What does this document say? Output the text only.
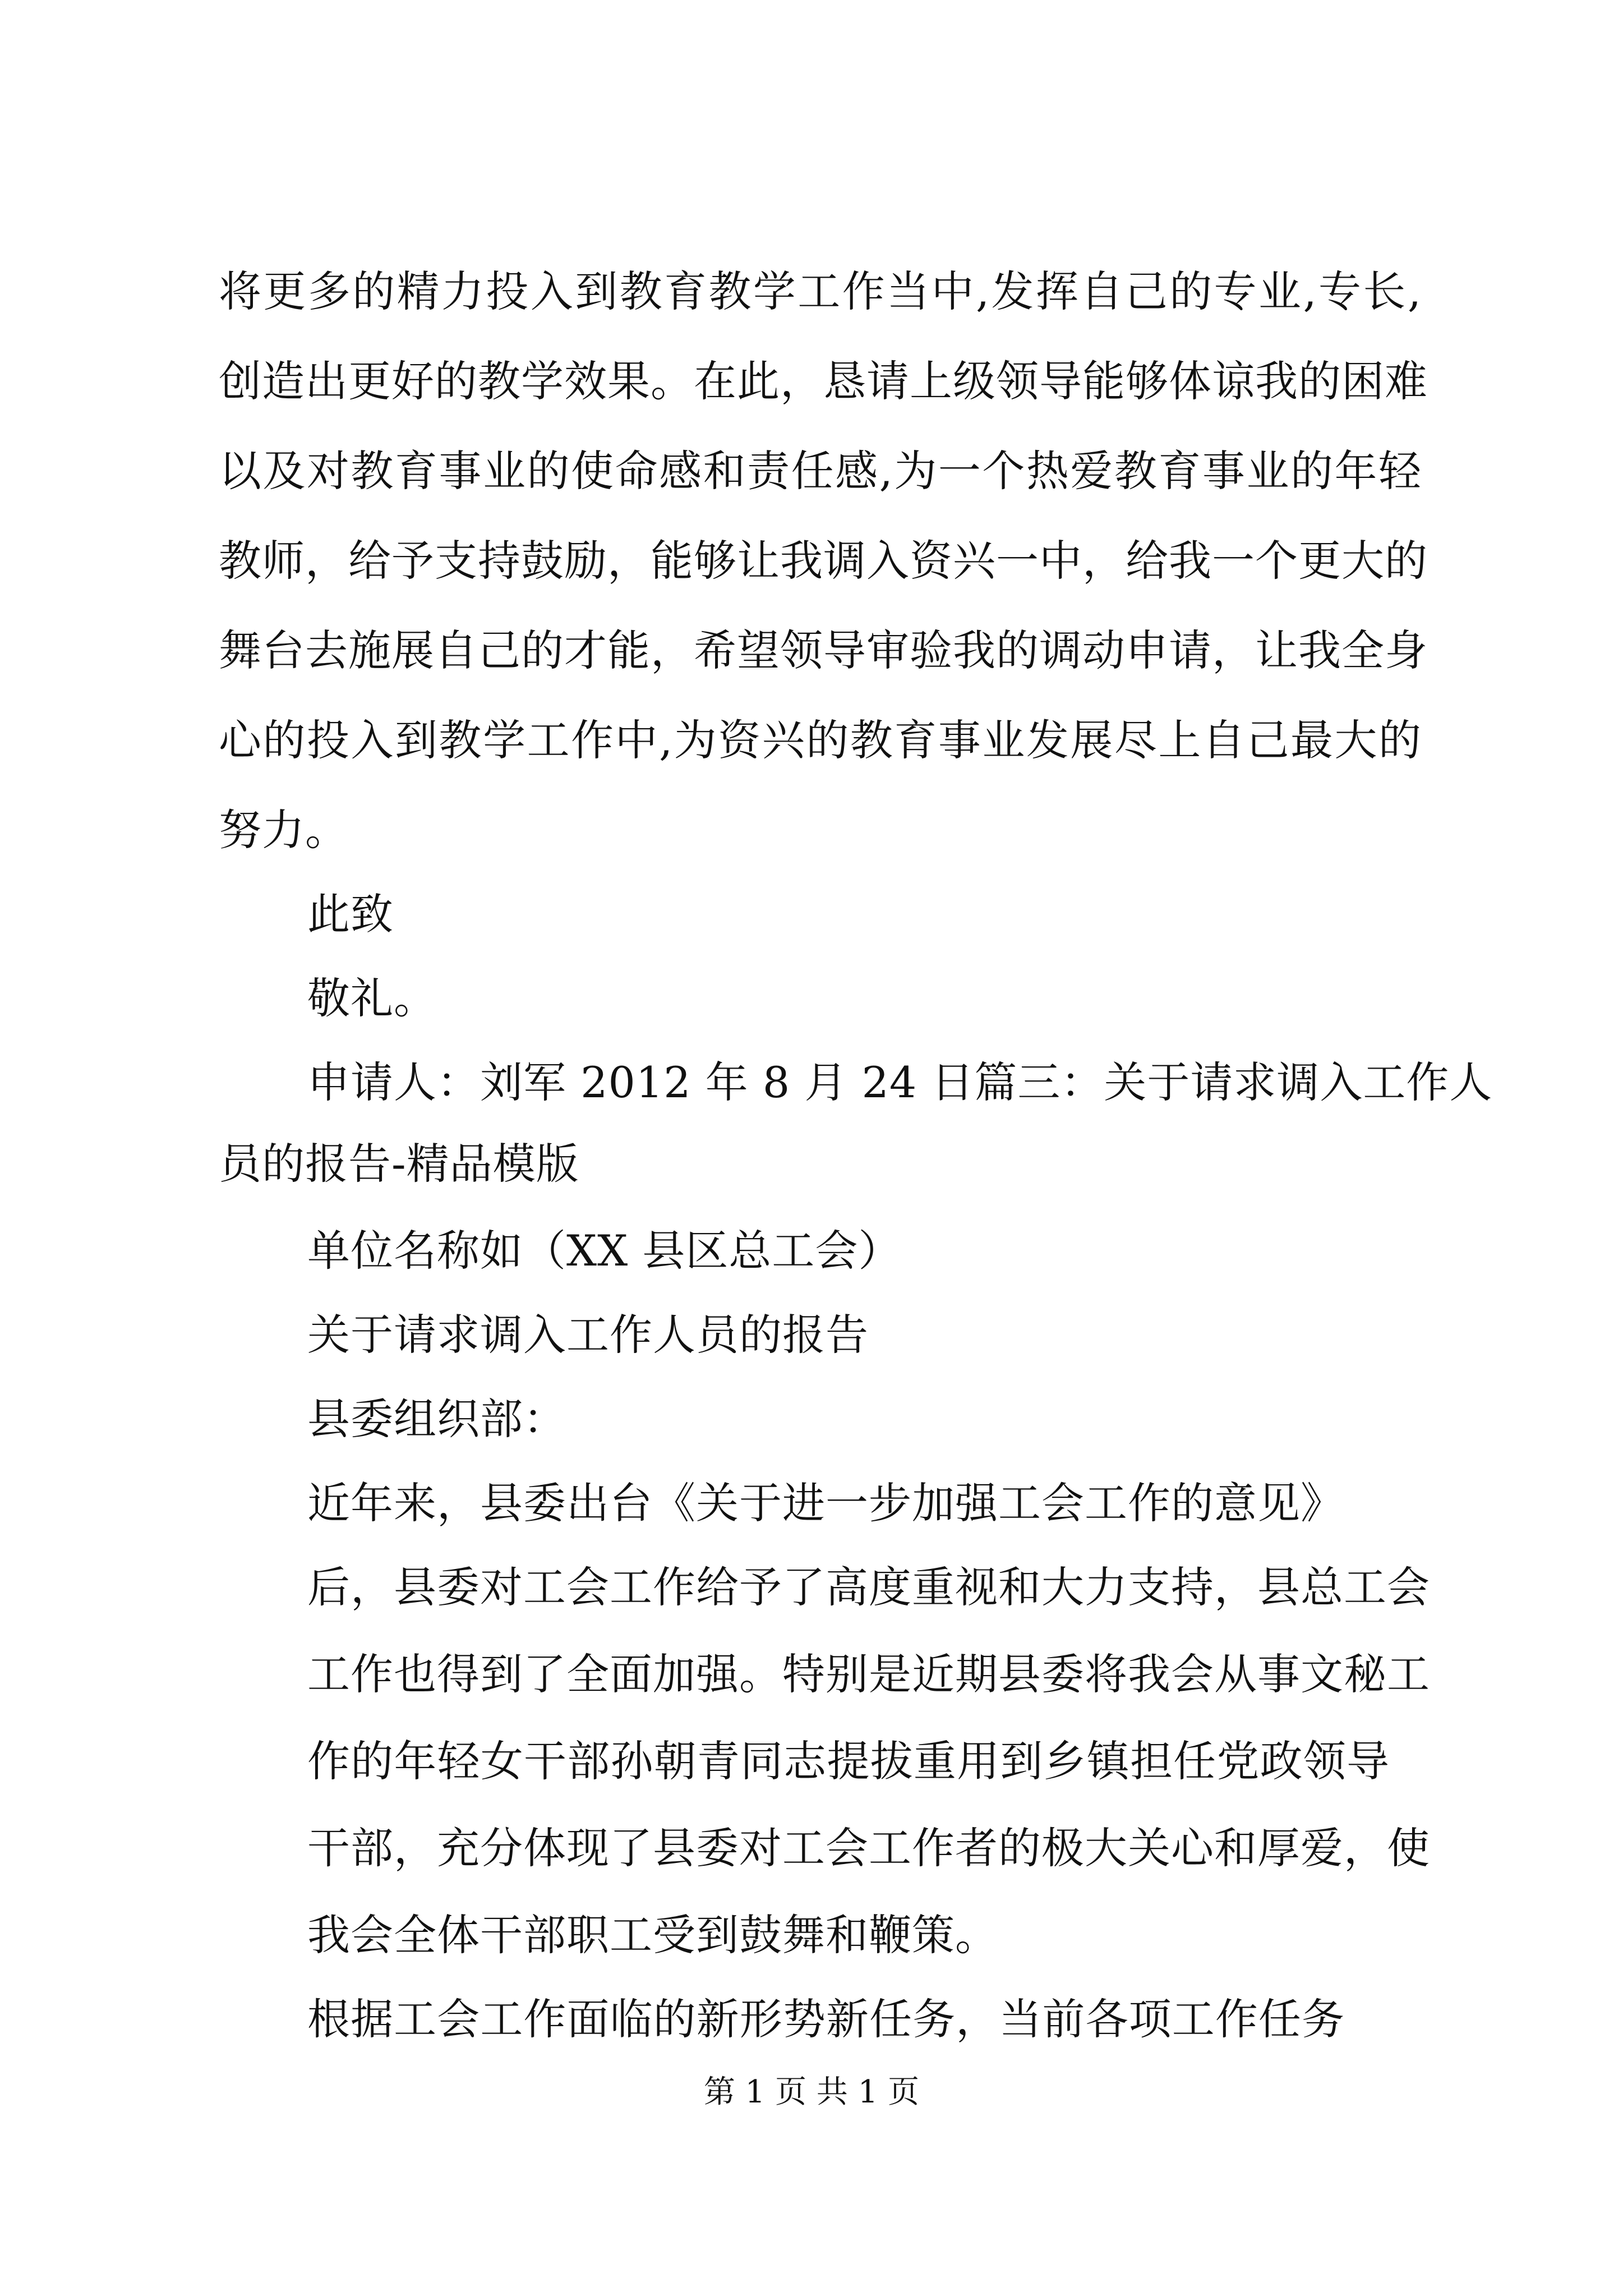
将更多的精力投入到教育教学工作当中,发挥自己的专业,专长,
创造出更好的教学效果。在此，恳请上级领导能够体谅我的困难
以及对教育事业的使命感和责任感,为一个热爱教育事业的年轻
教师，给予支持鼓励，能够让我调入资兴一中，给我一个更大的
舞台去施展自己的才能，希望领导审验我的调动申请，让我全身
心的投入到教学工作中,为资兴的教育事业发展尽上自己最大的
努力。
此致
敬礼。
申请人：刘军 2012 年 8 月 24 日篇三：关于请求调入工作人
员的报告-精品模版
单位名称如（XX 县区总工会）
关于请求调入工作人员的报告
县委组织部：
近年来，县委出台《关于进一步加强工会工作的意见》
后，县委对工会工作给予了高度重视和大力支持，县总工会
工作也得到了全面加强。特别是近期县委将我会从事文秘工
作的年轻女干部孙朝青同志提拔重用到乡镇担任党政领导
干部，充分体现了县委对工会工作者的极大关心和厚爱，使
我会全体干部职工受到鼓舞和鞭策。
根据工会工作面临的新形势新任务，当前各项工作任务
第 1 页 共 1 页
